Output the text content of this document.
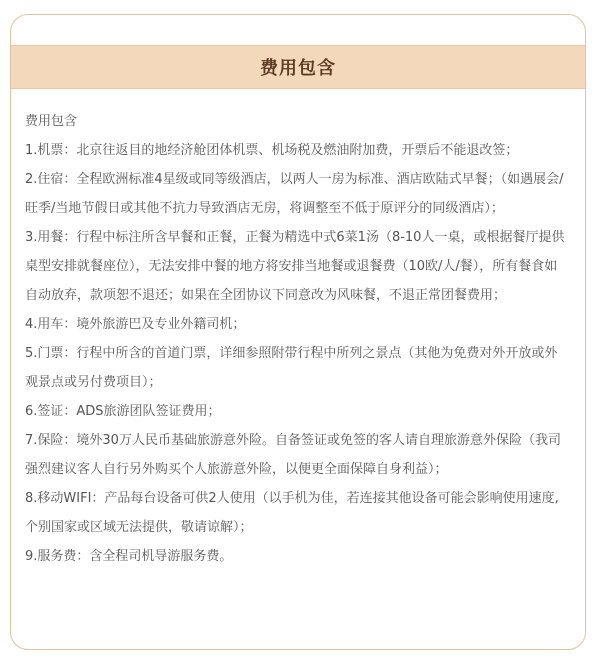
费用包含

费用包含

1.机票：北京往返目的地经济舱团体机票、机场税及燃油附加费，开票后不能退改签；

2.住宿：全程欧洲标准4星级或同等级酒店，以两人一房为标准、酒店欧陆式早餐；（如遇展会/旺季/当地节假日或其他不抗力导致酒店无房，将调整至不低于原评分的同级酒店）；

3.用餐：行程中标注所含早餐和正餐，正餐为精选中式6菜1汤（8-10人一桌，或根据餐厅提供桌型安排就餐座位），无法安排中餐的地方将安排当地餐或退餐费（10欧/人/餐），所有餐食如自动放弃，款项恕不退还；如果在全团协议下同意改为风味餐，不退正常团餐费用；

4.用车：境外旅游巴及专业外籍司机；

5.门票：行程中所含的首道门票，详细参照附带行程中所列之景点（其他为免费对外开放或外观景点或另付费项目）；

6.签证：ADS旅游团队签证费用；

7.保险：境外30万人民币基础旅游意外险。自备签证或免签的客人请自理旅游意外保险（我司强烈建议客人自行另外购买个人旅游意外险，以便更全面保障自身利益）；

8.移动WIFI：产品每台设备可供2人使用（以手机为佳，若连接其他设备可能会影响使用速度,个别国家或区域无法提供，敬请谅解）；

9.服务费：含全程司机导游服务费。
